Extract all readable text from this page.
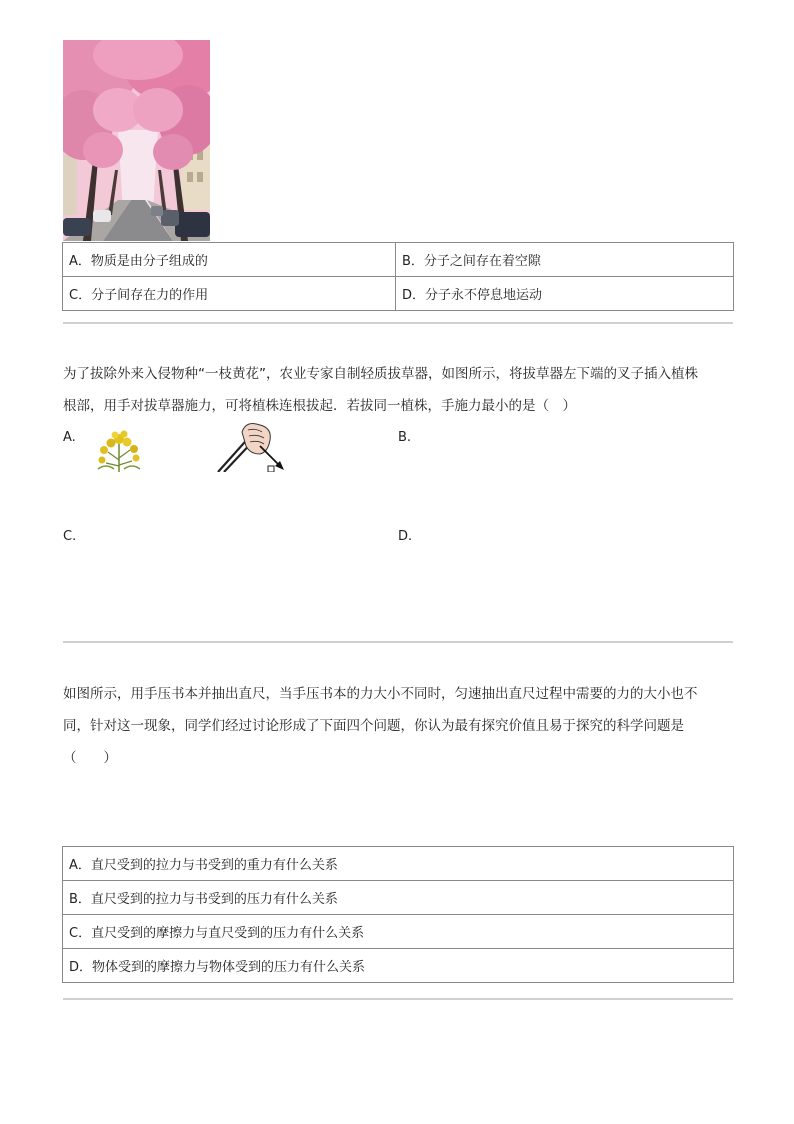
A．物质是由分子组成的	B．分子之间存在着空隙
C．分子间存在力的作用	D．分子永不停息地运动
为了拔除外来入侵物种“一枝黄花”，农业专家自制轻质拔草器，如图所示，将拔草器左下端的叉子插入植株
根部，用手对拔草器施力，可将植株连根拔起．若拔同一植株，手施力最小的是（　）
A.	B.
C.	D.
如图所示，用手压书本并抽出直尺，当手压书本的力大小不同时，匀速抽出直尺过程中需要的力的大小也不
同，针对这一现象，同学们经过讨论形成了下面四个问题，你认为最有探究价值且易于探究的科学问题是
（　　）
A．直尺受到的拉力与书受到的重力有什么关系
B．直尺受到的拉力与书受到的压力有什么关系
C．直尺受到的摩擦力与直尺受到的压力有什么关系
D．物体受到的摩擦力与物体受到的压力有什么关系
